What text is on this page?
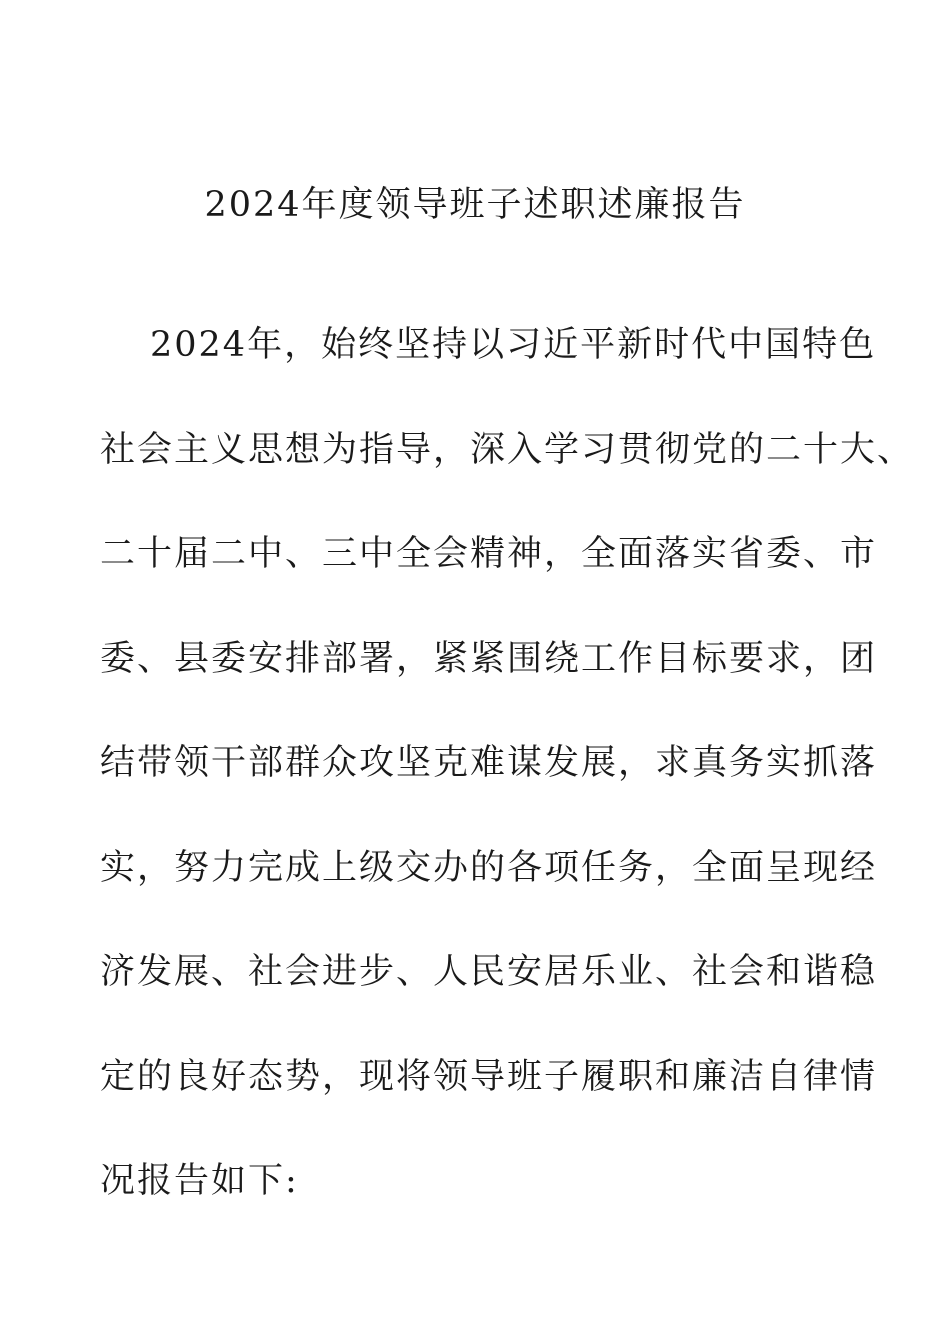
2024年度领导班子述职述廉报告
2024年，始终坚持以习近平新时代中国特色
社会主义思想为指导，深入学习贯彻党的二十大、
二十届二中、三中全会精神，全面落实省委、市
委、县委安排部署，紧紧围绕工作目标要求，团
结带领干部群众攻坚克难谋发展，求真务实抓落
实，努力完成上级交办的各项任务，全面呈现经
济发展、社会进步、人民安居乐业、社会和谐稳
定的良好态势，现将领导班子履职和廉洁自律情
况报告如下:
